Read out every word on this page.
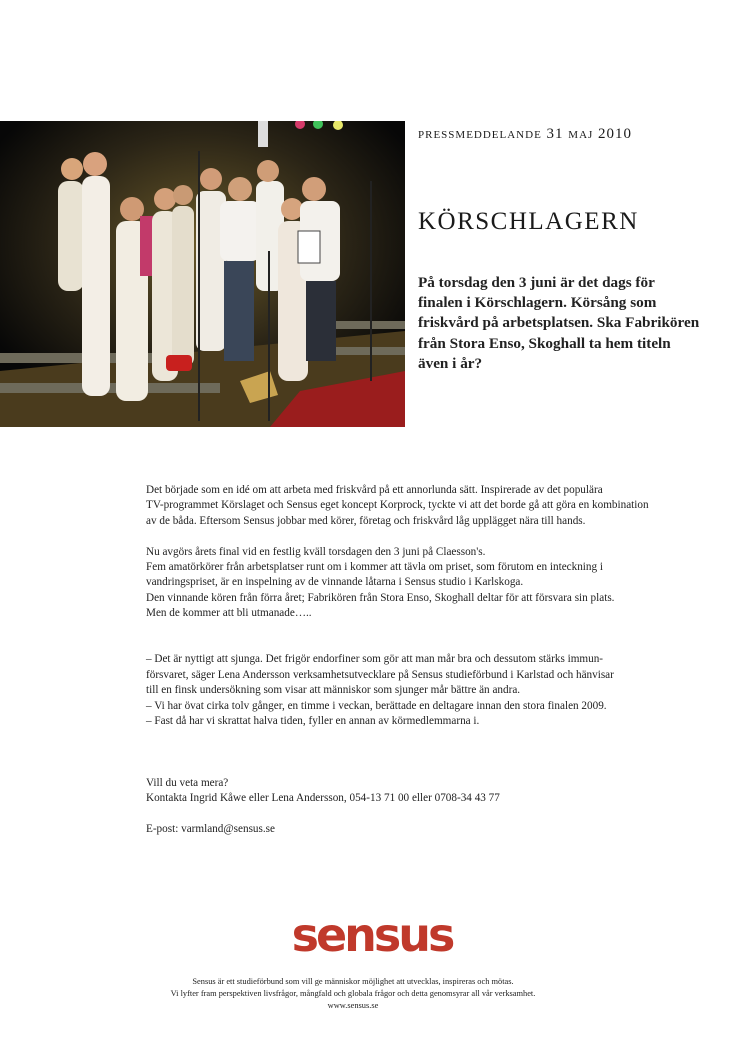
pressmeddelande 31 maj 2010

KÖRSCHLAGERN
På torsdag den 3 juni är det dags för
finalen i Körschlagern. Körsång som
friskvård på arbetsplatsen. Ska Fabrikören
från Stora Enso, Skoghall ta hem titeln
även i år?

Det började som en idé om att arbeta med friskvård på ett annorlunda sätt. Inspirerade av det populära

TV-programmet Körslaget och Sensus eget koncept Korprock, tyckte vi att det borde gå att göra en kombination

av de båda. Eftersom Sensus jobbar med körer, företag och friskvård låg upplägget nära till hands.

Nu avgörs årets final vid en festlig kväll torsdagen den 3 juni på Claesson's.

Fem amatörkörer från arbetsplatser runt om i kommer att tävla om priset, som förutom en inteckning i

vandringspriset, är en inspelning av de vinnande låtarna i Sensus studio i Karlskoga.

Den vinnande kören från förra året; Fabrikören från Stora Enso, Skoghall deltar för att försvara sin plats.

Men de kommer att bli utmanade…..

– Det är nyttigt att sjunga. Det frigör endorfiner som gör att man mår bra och dessutom stärks immun-

försvaret, säger Lena Andersson verksamhetsutvecklare på Sensus studieförbund i Karlstad och hänvisar

till en finsk undersökning som visar att människor som sjunger mår bättre än andra.

– Vi har övat cirka tolv gånger, en timme i veckan, berättade en deltagare innan den stora finalen 2009.

– Fast då har vi skrattat halva tiden, fyller en annan av körmedlemmarna i.

Vill du veta mera?

Kontakta Ingrid Kåwe eller Lena Andersson, 054-13 71 00 eller 0708-34 43 77

E-post: varmland@sensus.se

sensus

Sensus är ett studieförbund som vill ge människor möjlighet att utvecklas, inspireras och mötas.

Vi lyfter fram perspektiven livsfrågor, mångfald och globala frågor och detta genomsyrar all vår verksamhet.

www.sensus.se
